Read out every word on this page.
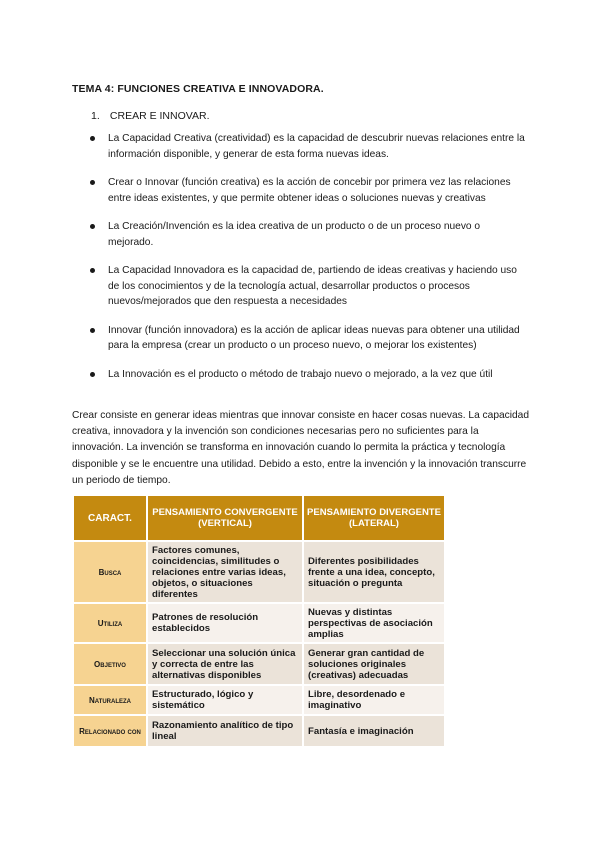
TEMA 4: FUNCIONES CREATIVA E INNOVADORA.
1. CREAR E INNOVAR.
La Capacidad Creativa (creatividad) es la capacidad de descubrir nuevas relaciones entre la información disponible, y generar de esta forma nuevas ideas.
Crear o Innovar (función creativa) es la acción de concebir por primera vez las relaciones entre ideas existentes, y que permite obtener ideas o soluciones nuevas y creativas
La Creación/Invención es la idea creativa de un producto o de un proceso nuevo o mejorado.
La Capacidad Innovadora es la capacidad de, partiendo de ideas creativas y haciendo uso de los conocimientos y de la tecnología actual, desarrollar productos o procesos nuevos/mejorados que den respuesta a necesidades
Innovar (función innovadora) es la acción de aplicar ideas nuevas para obtener una utilidad para la empresa (crear un producto o un proceso nuevo, o mejorar los existentes)
La Innovación es el producto o método de trabajo nuevo o mejorado, a la vez que útil

Crear consiste en generar ideas mientras que innovar consiste en hacer cosas nuevas. La capacidad creativa, innovadora y la invención son condiciones necesarias pero no suficientes para la innovación. La invención se transforma en innovación cuando lo permita la práctica y tecnología disponible y se le encuentre una utilidad. Debido a esto, entre la invención y la innovación transcurre un periodo de tiempo.

CARACT.	PENSAMIENTO CONVERGENTE (VERTICAL)	PENSAMIENTO DIVERGENTE (LATERAL)
Busca	Factores comunes, coincidencias, similitudes o relaciones entre varias ideas, objetos, o situaciones diferentes	Diferentes posibilidades frente a una idea, concepto, situación o pregunta
Utiliza	Patrones de resolución establecidos	Nuevas y distintas perspectivas de asociación amplias
Objetivo	Seleccionar una solución única y correcta de entre las alternativas disponibles	Generar gran cantidad de soluciones originales (creativas) adecuadas
Naturaleza	Estructurado, lógico y sistemático	Libre, desordenado e imaginativo
Relacionado con	Razonamiento analítico de tipo lineal	Fantasía e imaginación
